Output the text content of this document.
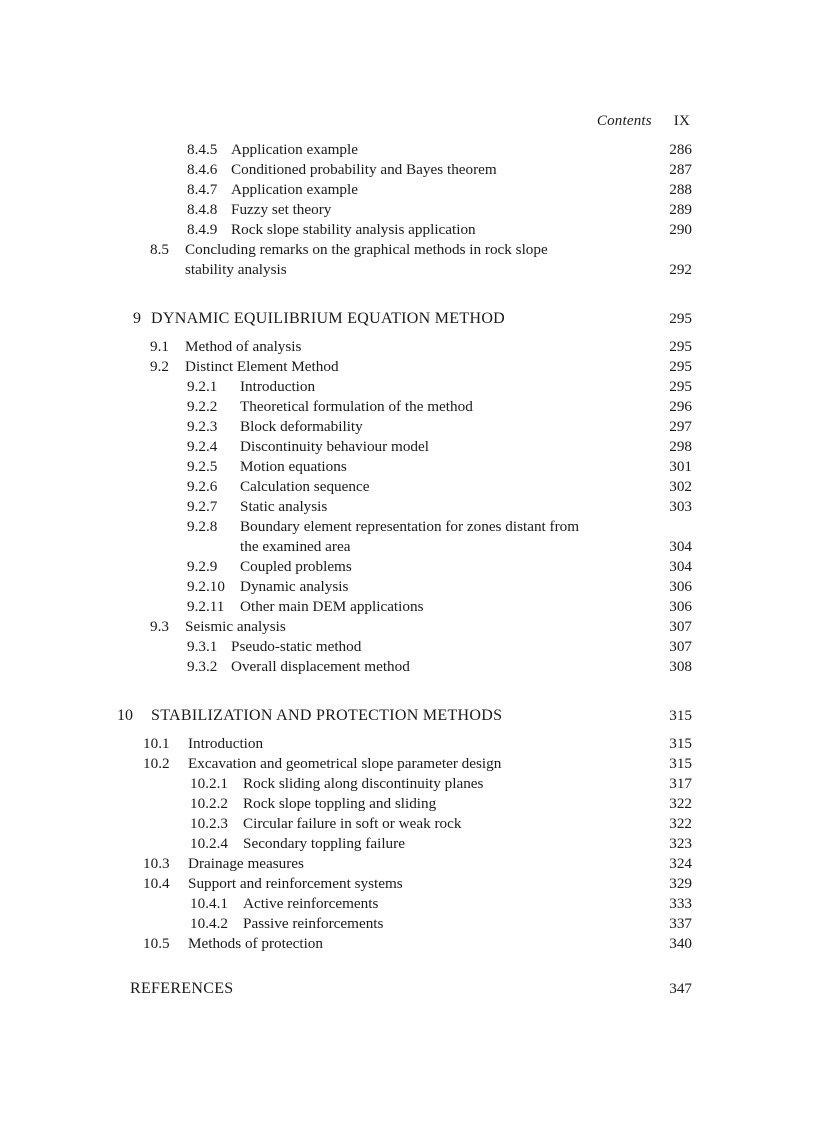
Contents IX
8.4.5 Application example	286
8.4.6 Conditioned probability and Bayes theorem	287
8.4.7 Application example	288
8.4.8 Fuzzy set theory	289
8.4.9 Rock slope stability analysis application	290
8.5 Concluding remarks on the graphical methods in rock slope
stability analysis	292
9 DYNAMIC EQUILIBRIUM EQUATION METHOD	295
9.1 Method of analysis	295
9.2 Distinct Element Method	295
9.2.1 Introduction	295
9.2.2 Theoretical formulation of the method	296
9.2.3 Block deformability	297
9.2.4 Discontinuity behaviour model	298
9.2.5 Motion equations	301
9.2.6 Calculation sequence	302
9.2.7 Static analysis	303
9.2.8 Boundary element representation for zones distant from
the examined area	304
9.2.9 Coupled problems	304
9.2.10 Dynamic analysis	306
9.2.11 Other main DEM applications	306
9.3 Seismic analysis	307
9.3.1 Pseudo-static method	307
9.3.2 Overall displacement method	308
10 STABILIZATION AND PROTECTION METHODS	315
10.1 Introduction	315
10.2 Excavation and geometrical slope parameter design	315
10.2.1 Rock sliding along discontinuity planes	317
10.2.2 Rock slope toppling and sliding	322
10.2.3 Circular failure in soft or weak rock	322
10.2.4 Secondary toppling failure	323
10.3 Drainage measures	324
10.4 Support and reinforcement systems	329
10.4.1 Active reinforcements	333
10.4.2 Passive reinforcements	337
10.5 Methods of protection	340
REFERENCES	347
